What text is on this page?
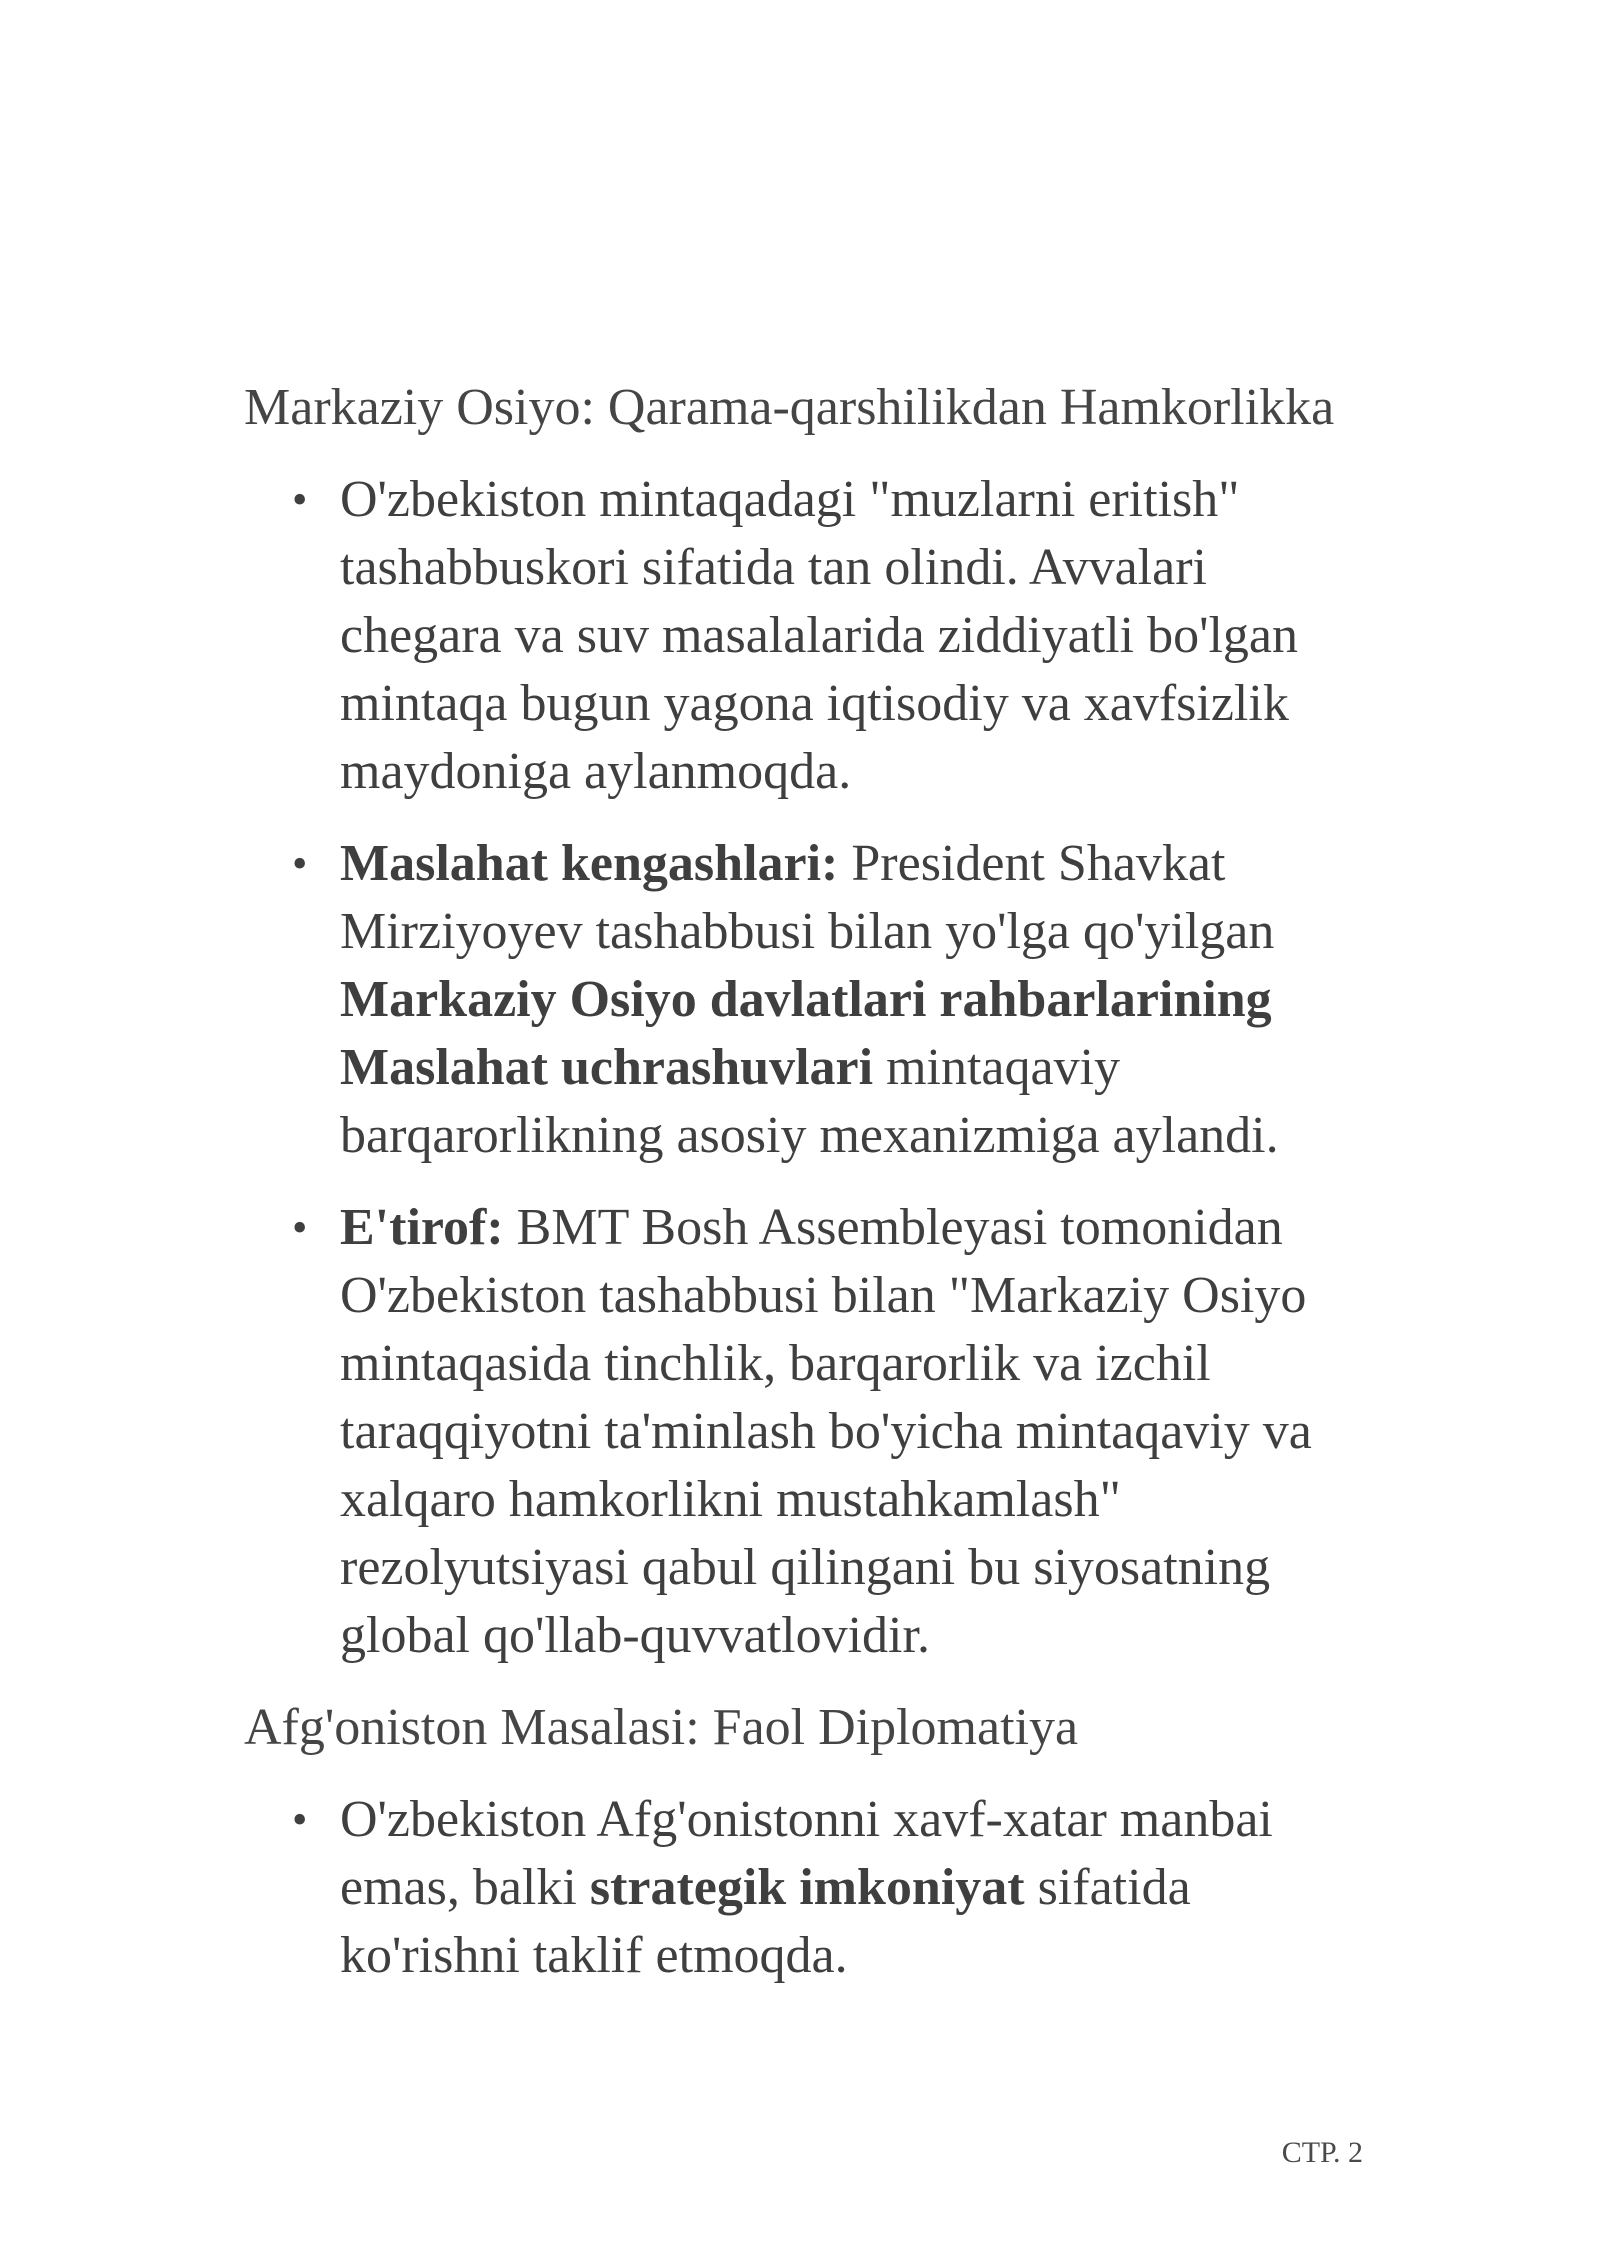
Markaziy Osiyo: Qarama-qarshilikdan Hamkorlikka
• O'zbekiston mintaqadagi "muzlarni eritish" tashabbuskori sifatida tan olindi. Avvalari chegara va suv masalalarida ziddiyatli bo'lgan mintaqa bugun yagona iqtisodiy va xavfsizlik maydoniga aylanmoqda.
• Maslahat kengashlari: President Shavkat Mirziyoyev tashabbusi bilan yo'lga qo'yilgan Markaziy Osiyo davlatlari rahbarlarining Maslahat uchrashuvlari mintaqaviy barqarorlikning asosiy mexanizmiga aylandi.
• E'tirof: BMT Bosh Assembleyasi tomonidan O'zbekiston tashabbusi bilan "Markaziy Osiyo mintaqasida tinchlik, barqarorlik va izchil taraqqiyotni ta'minlash bo'yicha mintaqaviy va xalqaro hamkorlikni mustahkamlash" rezolyutsiyasi qabul qilingani bu siyosatning global qo'llab-quvvatlovidir.
Afg'oniston Masalasi: Faol Diplomatiya
• O'zbekiston Afg'onistonni xavf-xatar manbai emas, balki strategik imkoniyat sifatida ko'rishni taklif etmoqda.
СТР. 2
